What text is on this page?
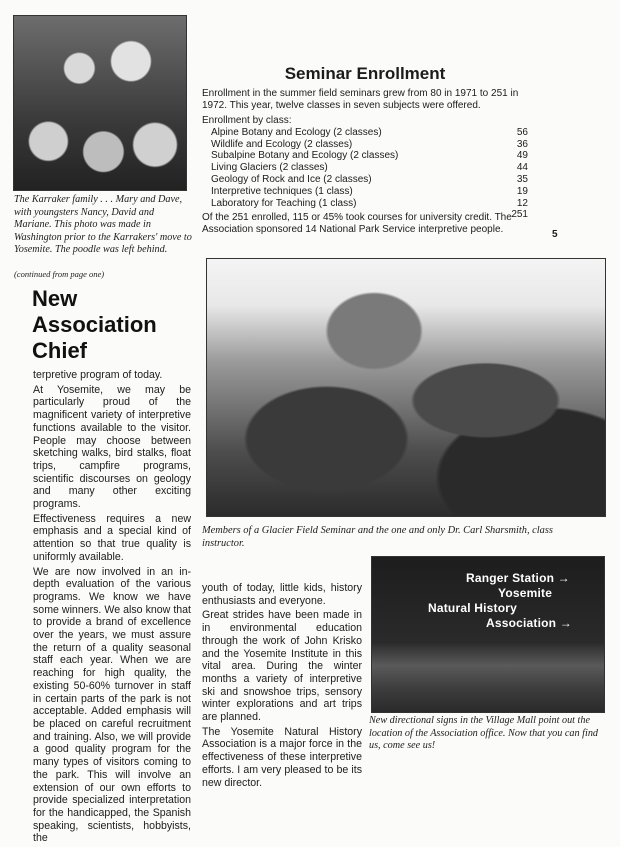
The Karraker family . . . Mary and Dave, with youngsters Nancy, David and Mariane. This photo was made in Washington prior to the Karrakers' move to Yosemite. The poodle was left behind.
(continued from page one)
New
Association
Chief

terpretive program of today.

At Yosemite, we may be particularly proud of the magnificent variety of interpretive functions available to the visitor. People may choose between sketching walks, bird stalks, float trips, campfire programs, scientific discourses on geology and many other exciting programs.

Effectiveness requires a new emphasis and a special kind of attention so that true quality is uniformly available.

We are now involved in an in-depth evaluation of the various programs. We know we have some winners. We also know that to provide a brand of excellence over the years, we must assure the return of a quality seasonal staff each year. When we are reaching for high quality, the existing 50-60% turnover in staff in certain parts of the park is not acceptable. Added emphasis will be placed on careful recruitment and training. Also, we will provide a good quality program for the many types of visitors coming to the park. This will involve an extension of our own efforts to provide specialized interpretation for the handicapped, the Spanish speaking, scientists, hobbyists, the

Seminar Enrollment
Enrollment in the summer field seminars grew from 80 in 1971 to 251 in 1972. This year, twelve classes in seven subjects were offered.
Enrollment by class:
Alpine Botany and Ecology (2 classes)	56
Wildlife and Ecology (2 classes)	36
Subalpine Botany and Ecology (2 classes)	49
Living Glaciers (2 classes)	44
Geology of Rock and Ice (2 classes)	35
Interpretive techniques (1 class)	19
Laboratory for Teaching (1 class)	12
251
Of the 251 enrolled, 115 or 45% took courses for university credit. The Association sponsored 14 National Park Service interpretive people.	5
Members of a Glacier Field Seminar and the one and only Dr. Carl Sharsmith, class instructor.

youth of today, little kids, history enthusiasts and everyone.

Great strides have been made in in environmental education through the work of John Krisko and the Yosemite Institute in this vital area. During the winter months a variety of interpretive ski and snowshoe trips, sensory winter explorations and art trips are planned.

The Yosemite Natural History Association is a major force in the effectiveness of these interpretive efforts. I am very pleased to be its new director.

Ranger Station →
Yosemite
Natural History
Association →
New directional signs in the Village Mall point out the location of the Association office. Now that you can find us, come see us!
